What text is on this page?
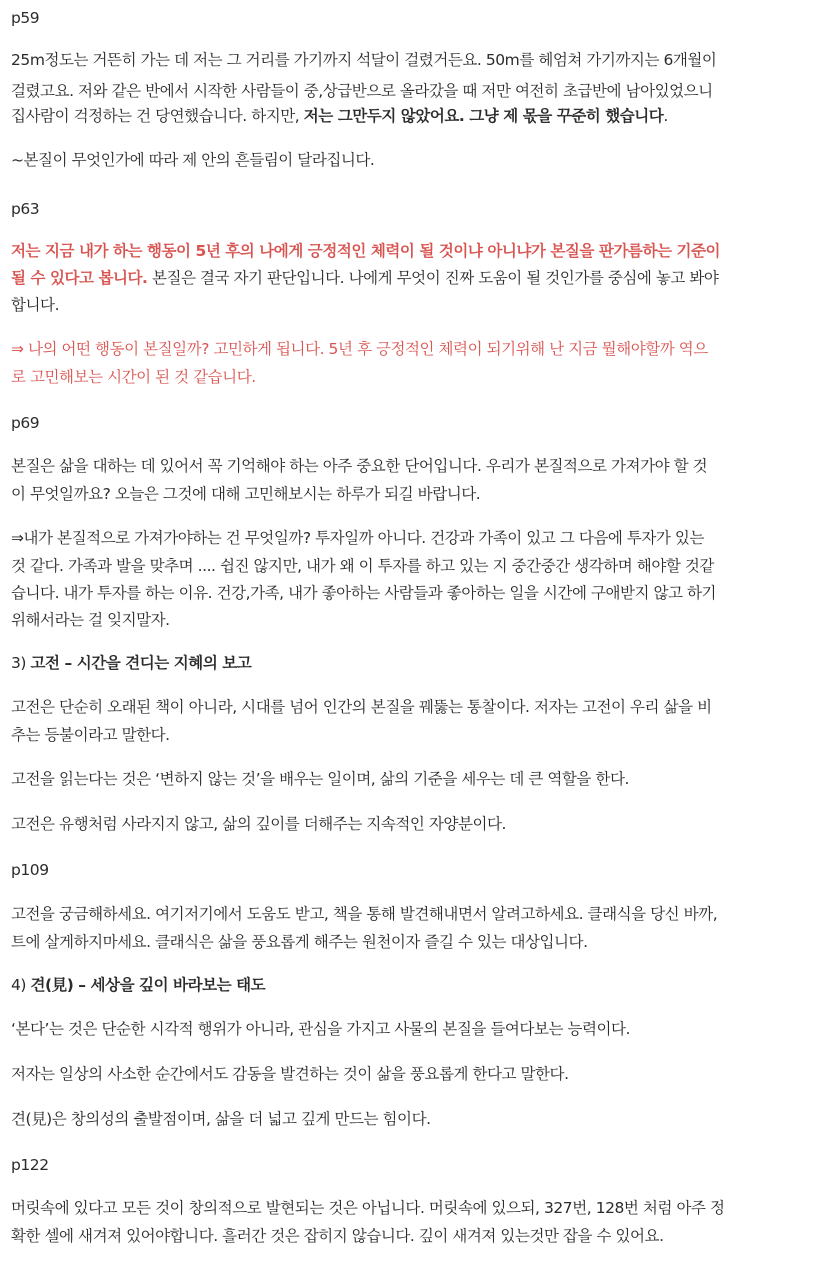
p59
25m정도는 거뜬히 가는 데 저는 그 거리를 가기까지 석달이 걸렸거든요. 50m를 헤엄쳐 가기까지는 6개월이
걸렸고요. 저와 같은 반에서 시작한 사람들이 중,상급반으로 올라갔을 때 저만 여전히 초급반에 남아있었으니
집사람이 걱정하는 건 당연했습니다. 하지만, 저는 그만두지 않았어요. 그냥 제 몫을 꾸준히 했습니다.
~본질이 무엇인가에 따라 제 안의 흔들림이 달라집니다.
p63
저는 지금 내가 하는 행동이 5년 후의 나에게 긍정적인 체력이 될 것이냐 아니냐가 본질을 판가름하는 기준이
될 수 있다고 봅니다. 본질은 결국 자기 판단입니다. 나에게 무엇이 진짜 도움이 될 것인가를 중심에 놓고 봐야
합니다.
⇒ 나의 어떤 행동이 본질일까? 고민하게 됩니다. 5년 후 긍정적인 체력이 되기위해 난 지금 뭘해야할까 역으
로 고민해보는 시간이 된 것 같습니다.
p69
본질은 삶을 대하는 데 있어서 꼭 기억해야 하는 아주 중요한 단어입니다. 우리가 본질적으로 가져가야 할 것
이 무엇일까요? 오늘은 그것에 대해 고민해보시는 하루가 되길 바랍니다.
⇒내가 본질적으로 가져가야하는 건 무엇일까? 투자일까 아니다. 건강과 가족이 있고 그 다음에 투자가 있는
것 같다. 가족과 발을 맞추며 .... 쉽진 않지만, 내가 왜 이 투자를 하고 있는 지 중간중간 생각하며 해야할 것같
습니다. 내가 투자를 하는 이유. 건강,가족, 내가 좋아하는 사람들과 좋아하는 일을 시간에 구애받지 않고 하기
위해서라는 걸 잊지말자.
3) 고전 – 시간을 견디는 지혜의 보고
고전은 단순히 오래된 책이 아니라, 시대를 넘어 인간의 본질을 꿰뚫는 통찰이다. 저자는 고전이 우리 삶을 비
추는 등불이라고 말한다.
고전을 읽는다는 것은 ‘변하지 않는 것’을 배우는 일이며, 삶의 기준을 세우는 데 큰 역할을 한다.
고전은 유행처럼 사라지지 않고, 삶의 깊이를 더해주는 지속적인 자양분이다.
p109
고전을 궁금해하세요. 여기저기에서 도움도 받고, 책을 통해 발견해내면서 알려고하세요. 클래식을 당신 바까,
트에 살게하지마세요. 클래식은 삶을 풍요롭게 해주는 원천이자 즐길 수 있는 대상입니다.
4) 견(見) – 세상을 깊이 바라보는 태도
‘본다’는 것은 단순한 시각적 행위가 아니라, 관심을 가지고 사물의 본질을 들여다보는 능력이다.
저자는 일상의 사소한 순간에서도 감동을 발견하는 것이 삶을 풍요롭게 한다고 말한다.
견(見)은 창의성의 출발점이며, 삶을 더 넓고 깊게 만드는 힘이다.
p122
머릿속에 있다고 모든 것이 창의적으로 발현되는 것은 아닙니다. 머릿속에 있으되, 327번, 128번 처럼 아주 정
확한 셀에 새겨져 있어야합니다. 흘러간 것은 잡히지 않습니다. 깊이 새겨져 있는것만 잡을 수 있어요.
